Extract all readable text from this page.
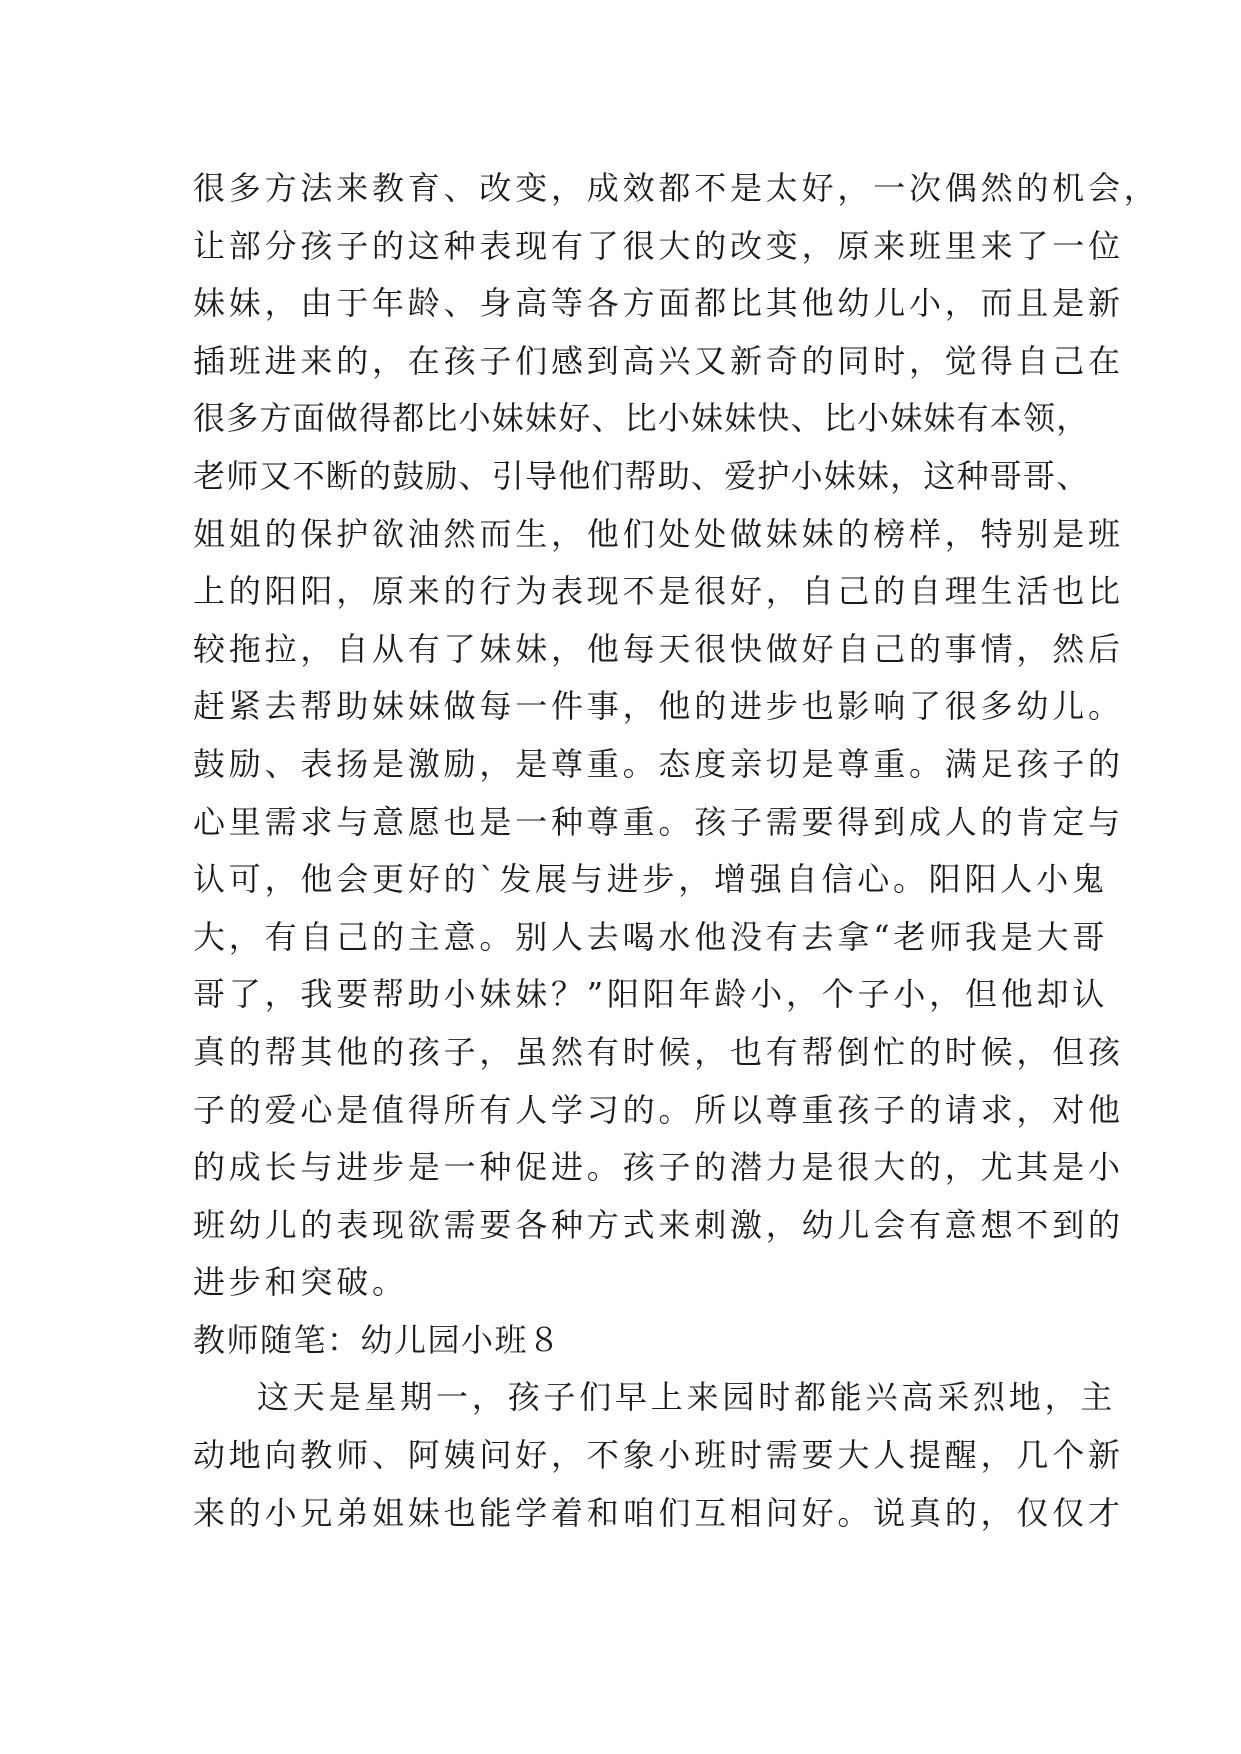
很多方法来教育、改变，成效都不是太好，一次偶然的机会，
让部分孩子的这种表现有了很大的改变，原来班里来了一位
妹妹，由于年龄、身高等各方面都比其他幼儿小，而且是新
插班进来的，在孩子们感到高兴又新奇的同时，觉得自己在
很多方面做得都比小妹妹好、比小妹妹快、比小妹妹有本领，
老师又不断的鼓励、引导他们帮助、爱护小妹妹，这种哥哥、
姐姐的保护欲油然而生，他们处处做妹妹的榜样，特别是班
上的阳阳，原来的行为表现不是很好，自己的自理生活也比
较拖拉，自从有了妹妹，他每天很快做好自己的事情，然后
赶紧去帮助妹妹做每一件事，他的进步也影响了很多幼儿。
鼓励、表扬是激励，是尊重。态度亲切是尊重。满足孩子的
心里需求与意愿也是一种尊重。孩子需要得到成人的肯定与
认可，他会更好的`发展与进步，增强自信心。阳阳人小鬼
大，有自己的主意。别人去喝水他没有去拿“老师我是大哥
哥了，我要帮助小妹妹？”阳阳年龄小，个子小，但他却认
真的帮其他的孩子，虽然有时候，也有帮倒忙的时候，但孩
子的爱心是值得所有人学习的。所以尊重孩子的请求，对他
的成长与进步是一种促进。孩子的潜力是很大的，尤其是小
班幼儿的表现欲需要各种方式来刺激，幼儿会有意想不到的
进步和突破。
教师随笔：幼儿园小班８
这天是星期一，孩子们早上来园时都能兴高采烈地，主
动地向教师、阿姨问好，不象小班时需要大人提醒，几个新
来的小兄弟姐妹也能学着和咱们互相问好。说真的，仅仅才
